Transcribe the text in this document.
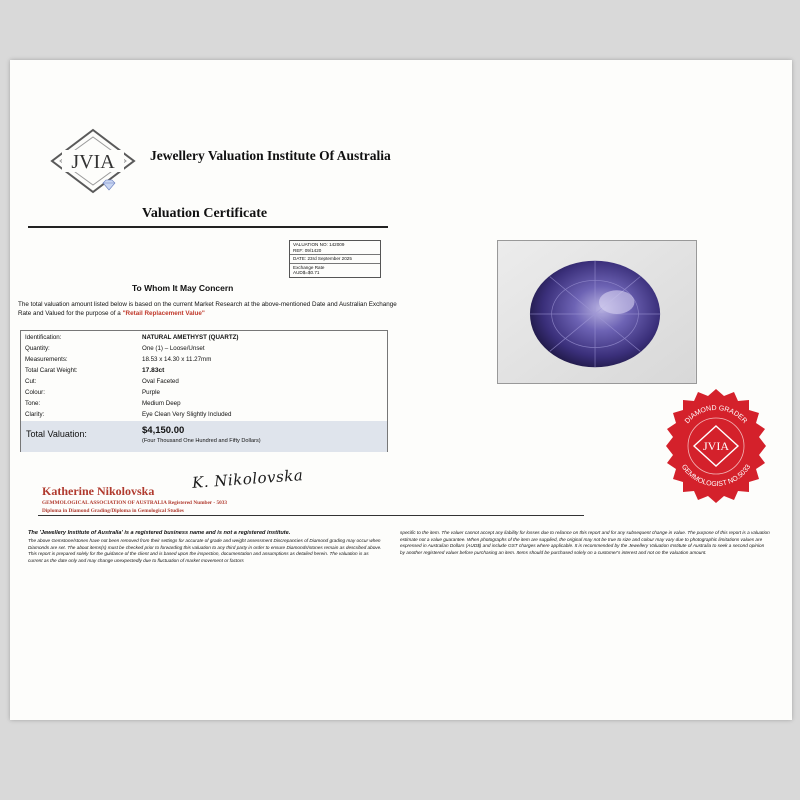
JVIA	Jewellery Valuation Institute Of Australia
Valuation Certificate
VALUATION NO: 142009
REF: 09/1420
DATE: 23rd September 2025
Exchange Rate
AUD$=$0.71
To Whom It May Concern
The total valuation amount listed below is based on the current Market Research at the above-mentioned Date and Australian Exchange Rate and Valued for the purpose of a "Retail Replacement Value"
Identification:	NATURAL AMETHYST (QUARTZ)
Quantity:	One (1) – Loose/Unset
Measurements:	18.53 x 14.30 x 11.27mm
Total Carat Weight:	17.83ct
Cut:	Oval Faceted
Colour:	Purple
Tone:	Medium Deep
Clarity:	Eye Clean Very Slightly Included
Total Valuation:	$4,150.00
(Four Thousand One Hundred and Fifty Dollars)
Katherine Nikolovska K. Nikolovska
GEMMOLOGICAL ASSOCIATION OF AUSTRALIA Registered Number - 5033
Diploma in Diamond Grading/Diploma in Gemological Studies
The 'Jewellery Institute of Australia' is a registered business name and is not a registered institute.
The above Gemstone/stones have not been removed from their settings for accurate of grade and weight assessment Discrepancies of Diamond grading may occur when Diamonds are set. The about items(s) must be checked prior to forwarding this valuation to any third party in order to ensure Diamonds/stones remain as described above. This report is prepared solely for the guidance of the client and is based upon the inspection, documentation and assumptions as detailed herein. The valuation is as current as the date only and may change unexpectedly due to fluctuation of market movement or factors
specific to the item. The valuer cannot accept any liability for losses due to reliance on this report and for any subsequent change in value. The purpose of this report is a valuation estimate not a value guarantee. When photographs of the item are supplied, the original may not be true to size and colour may vary due to photographic limitations values are expressed in Australian Dollars (AUD$) and include GST charges where applicable. It is recommended by the Jewellery Valuation Institute of Australia to seek a second opinion by another registered valuer before purchasing an item. Items should be purchased solely on a customer's interest and not on the valuation amount.
JVIA
DIAMOND GRADER
GEMMOLOGIST NO.5033
